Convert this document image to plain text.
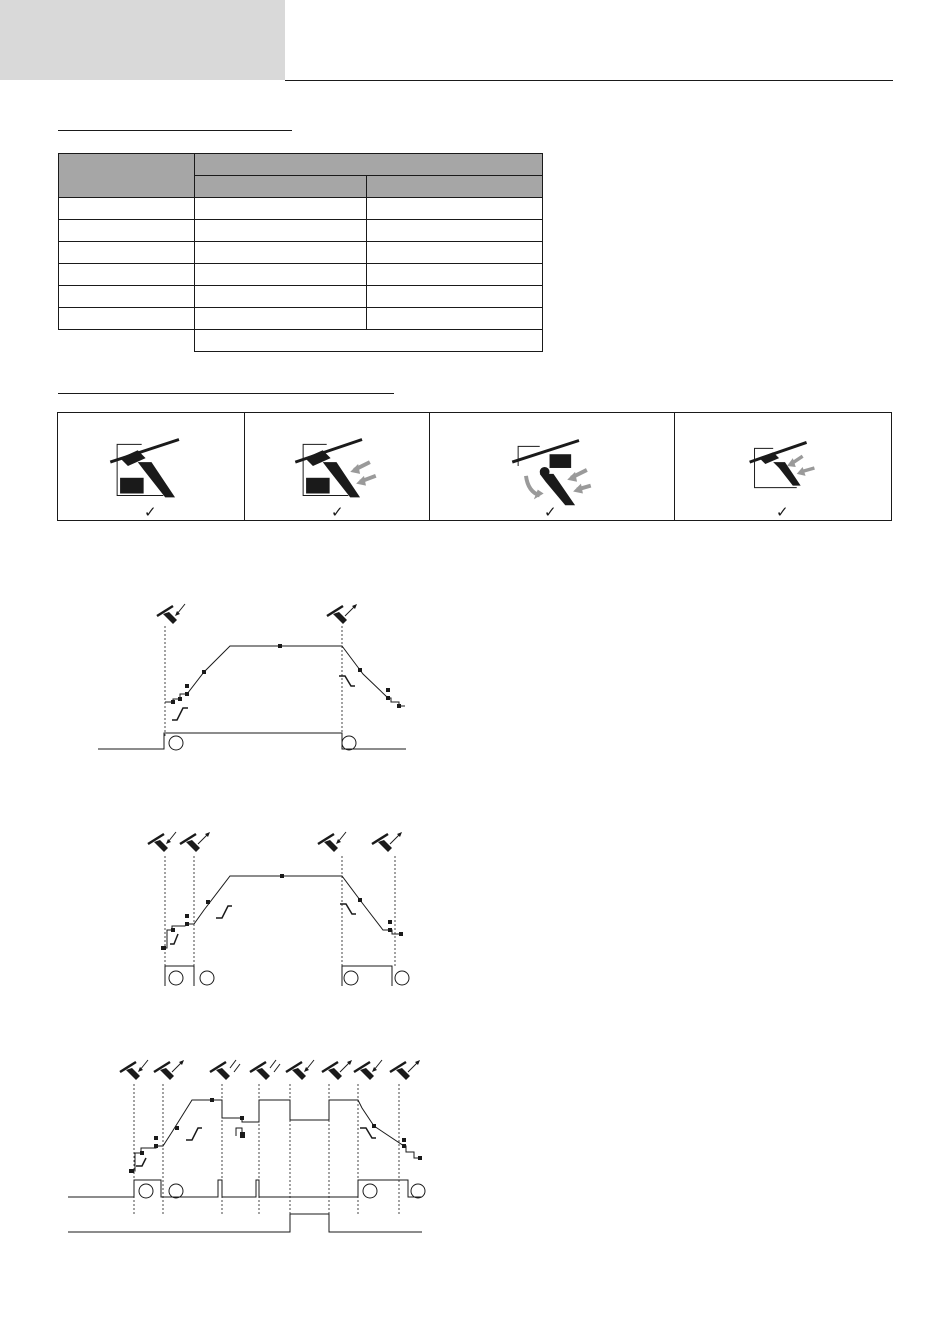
✓	✓	✓	✓
